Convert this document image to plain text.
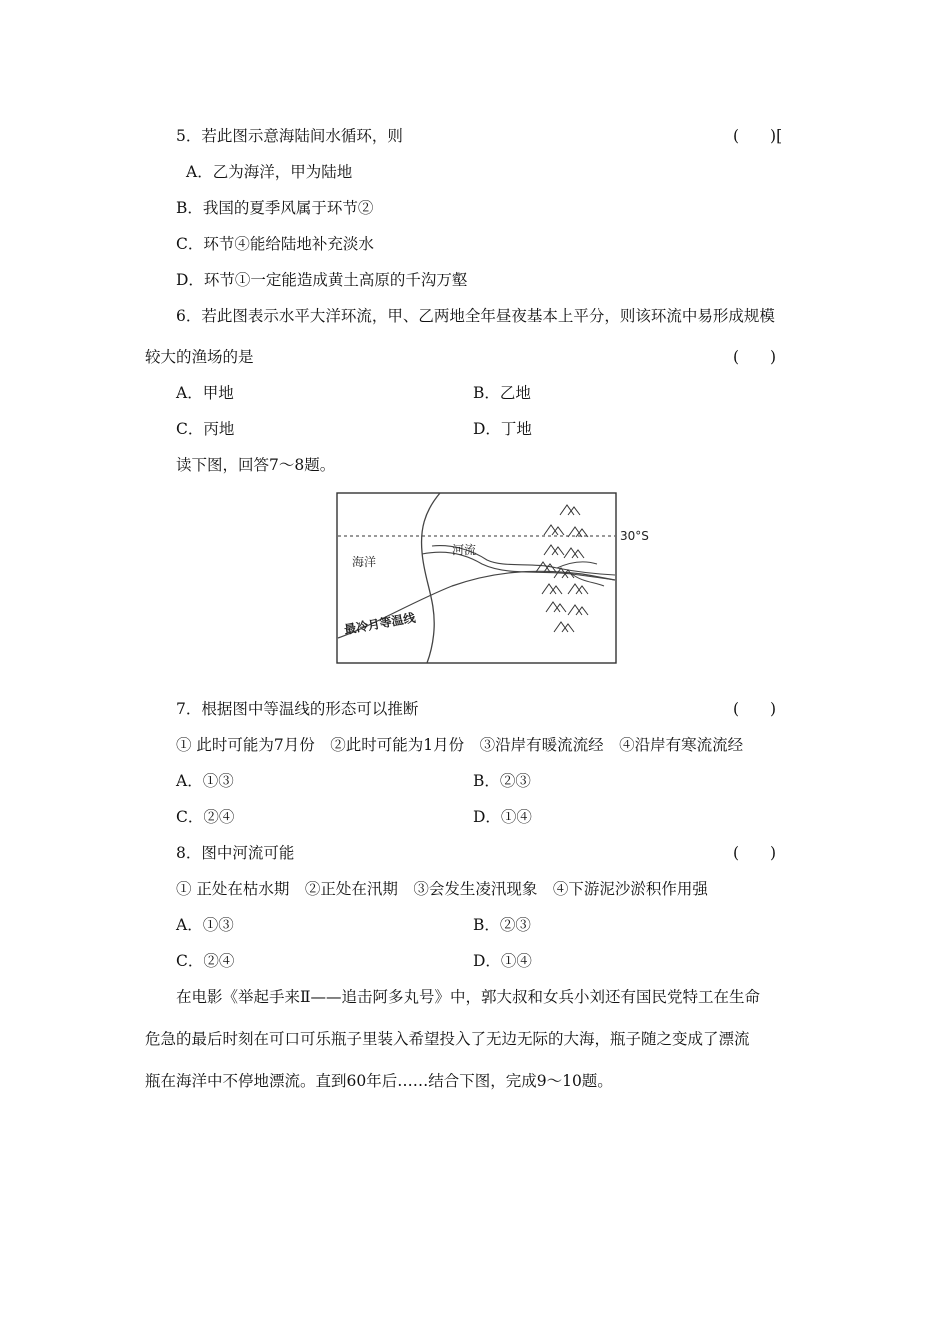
5．若此图示意海陆间水循环，则	(　　)[
A．乙为海洋，甲为陆地
B．我国的夏季风属于环节②
C．环节④能给陆地补充淡水
D．环节①一定能造成黄土高原的千沟万壑
6．若此图表示水平大洋环流，甲、乙两地全年昼夜基本上平分，则该环流中易形成规模
较大的渔场的是	(　　)
A．甲地	B．乙地
C．丙地	D．丁地
读下图，回答7～8题。
海洋
河流
最冷月等温线
30°S
7．根据图中等温线的形态可以推断	(　　)
① 此时可能为7月份　②此时可能为1月份　③沿岸有暖流流经　④沿岸有寒流流经
A．①③	B．②③
C．②④	D．①④
8．图中河流可能	(　　)
① 正处在枯水期　②正处在汛期　③会发生凌汛现象　④下游泥沙淤积作用强
A．①③	B．②③
C．②④	D．①④
在电影《举起手来Ⅱ——追击阿多丸号》中，郭大叔和女兵小刘还有国民党特工在生命
危急的最后时刻在可口可乐瓶子里装入希望投入了无边无际的大海，瓶子随之变成了漂流
瓶在海洋中不停地漂流。直到60年后……结合下图，完成9～10题。
